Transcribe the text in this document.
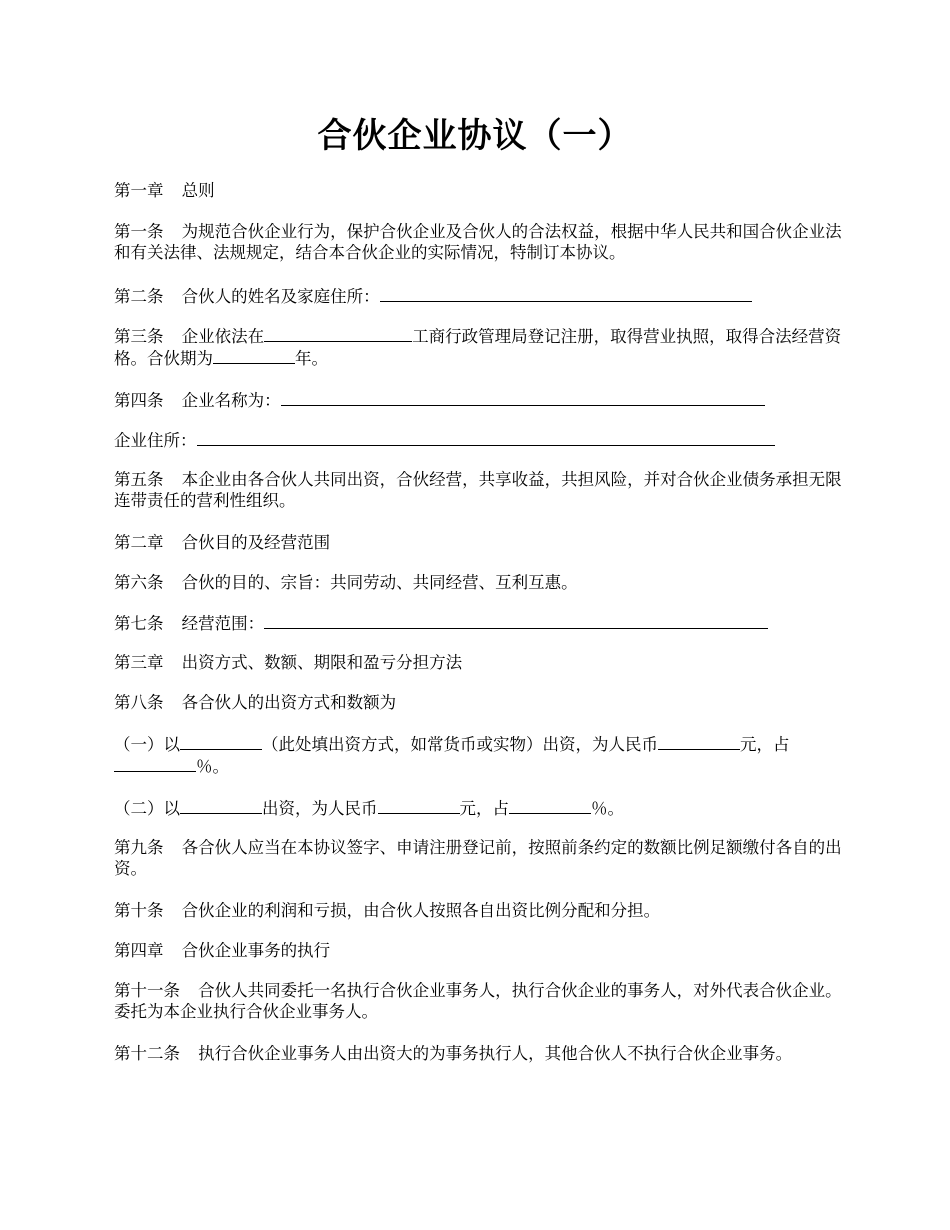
合伙企业协议（一）

第一章 总则

第一条 为规范合伙企业行为，保护合伙企业及合伙人的合法权益，根据中华人民共和国合伙企业法和有关法律、法规规定，结合本合伙企业的实际情况，特制订本协议。

第二条 合伙人的姓名及家庭住所：

第三条 企业依法在	工商行政管理局登记注册，取得营业执照，取得合法经营资格。合伙期为	年。

第四条 企业名称为：

企业住所：

第五条 本企业由各合伙人共同出资，合伙经营，共享收益，共担风险，并对合伙企业债务承担无限连带责任的营利性组织。

第二章 合伙目的及经营范围

第六条 合伙的目的、宗旨：共同劳动、共同经营、互利互惠。

第七条 经营范围：

第三章 出资方式、数额、期限和盈亏分担方法

第八条 各合伙人的出资方式和数额为

（一）以	（此处填出资方式，如常货币或实物）出资，为人民币	元，占％。

（二）以	出资，为人民币	元，占	％。

第九条 各合伙人应当在本协议签字、申请注册登记前，按照前条约定的数额比例足额缴付各自的出资。

第十条 合伙企业的利润和亏损，由合伙人按照各自出资比例分配和分担。

第四章 合伙企业事务的执行

第十一条 合伙人共同委托一名执行合伙企业事务人，执行合伙企业的事务人，对外代表合伙企业。委托为本企业执行合伙企业事务人。

第十二条 执行合伙企业事务人由出资大的为事务执行人，其他合伙人不执行合伙企业事务。
